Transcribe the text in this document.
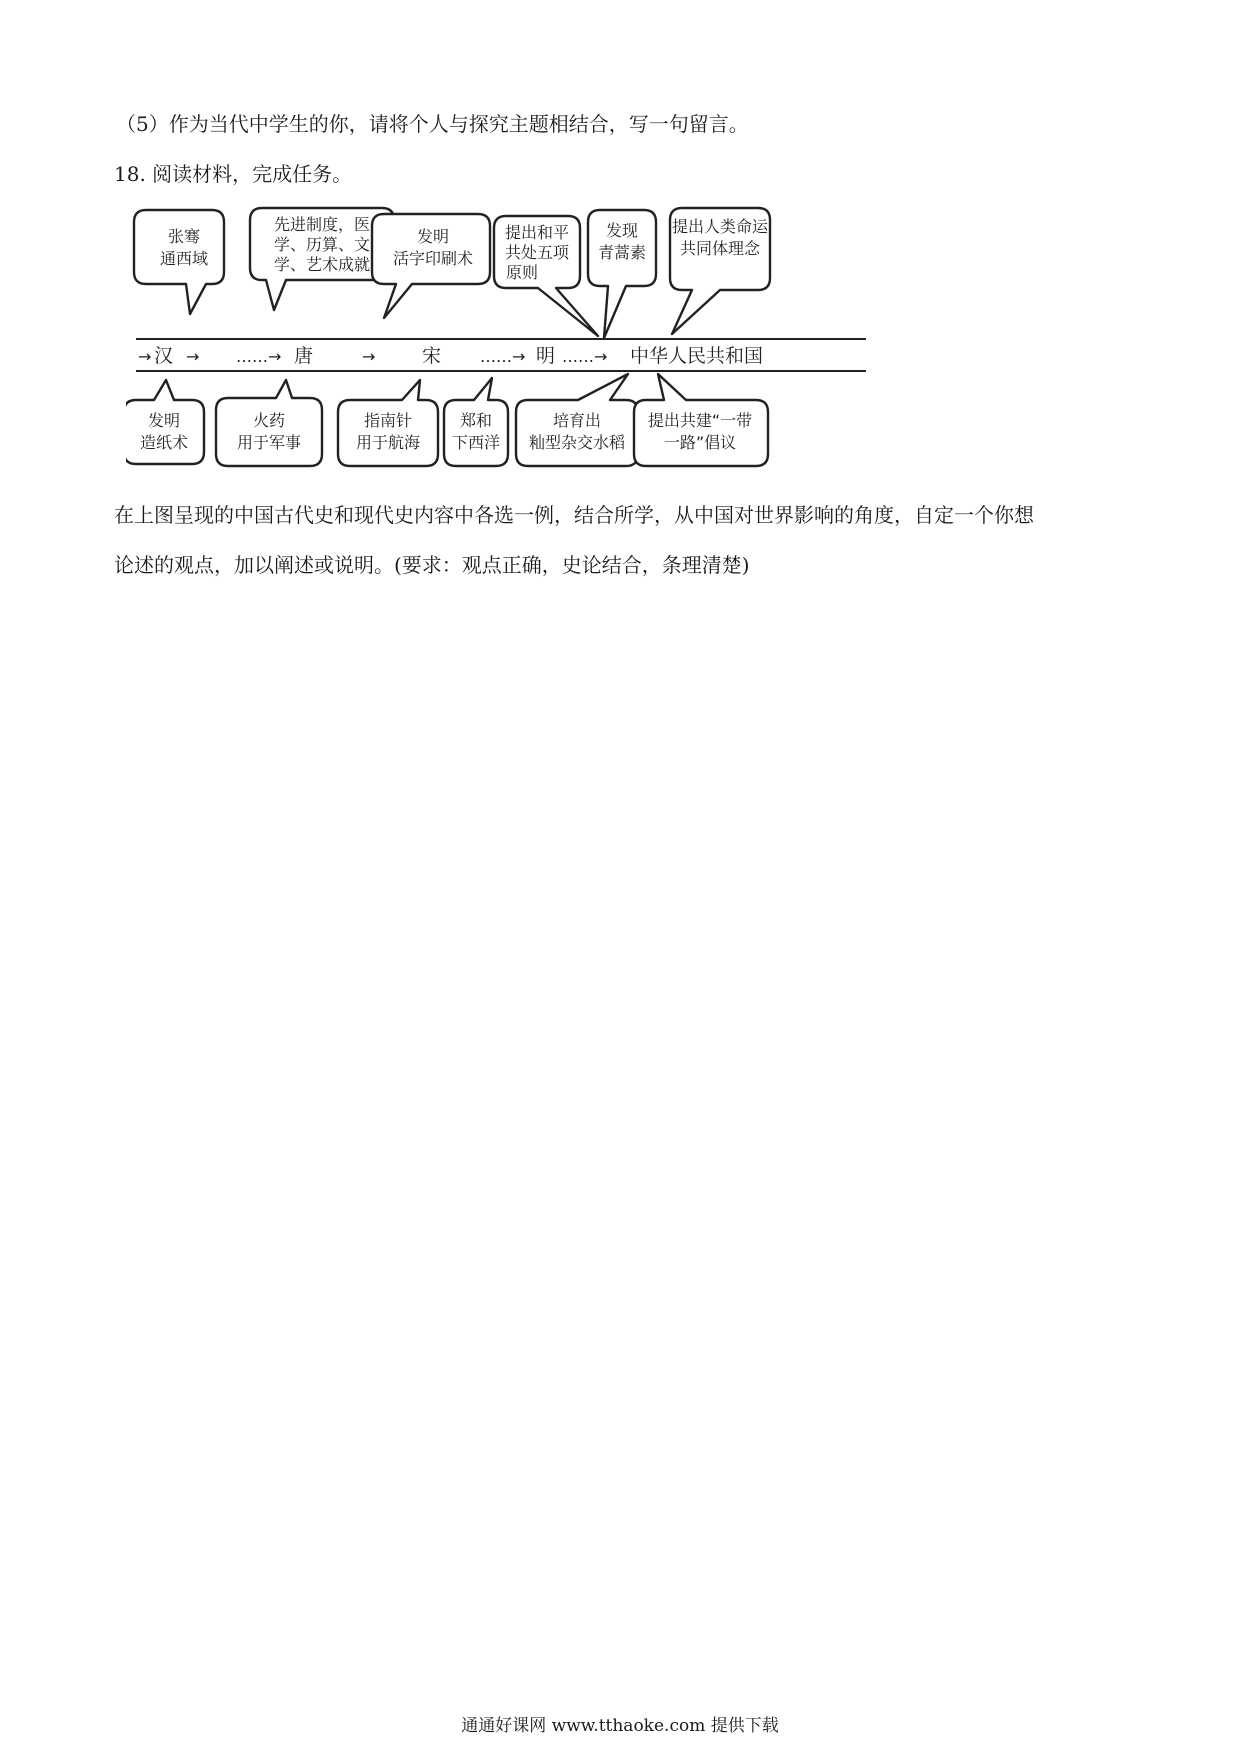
（5）作为当代中学生的你，请将个人与探究主题相结合，写一句留言。
18. 阅读材料，完成任务。
张骞
通西域
先进制度，医
学、历算、文
学、艺术成就
发明
活字印刷术
提出和平
共处五项
原则
发现
青蒿素
提出人类命运
共同体理念
→ 汉 → ……→ 唐	→ 宋 ……→ 明 ……→ 中华人民共和国
发明
造纸术
火药
用于军事
指南针
用于航海
郑和
下西洋
培育出
籼型杂交水稻
提出共建“一带
一路”倡议
在上图呈现的中国古代史和现代史内容中各选一例，结合所学，从中国对世界影响的角度，自定一个你想
论述的观点，加以阐述或说明。(要求：观点正确，史论结合，条理清楚)
通通好课网 www.tthaoke.com 提供下载
